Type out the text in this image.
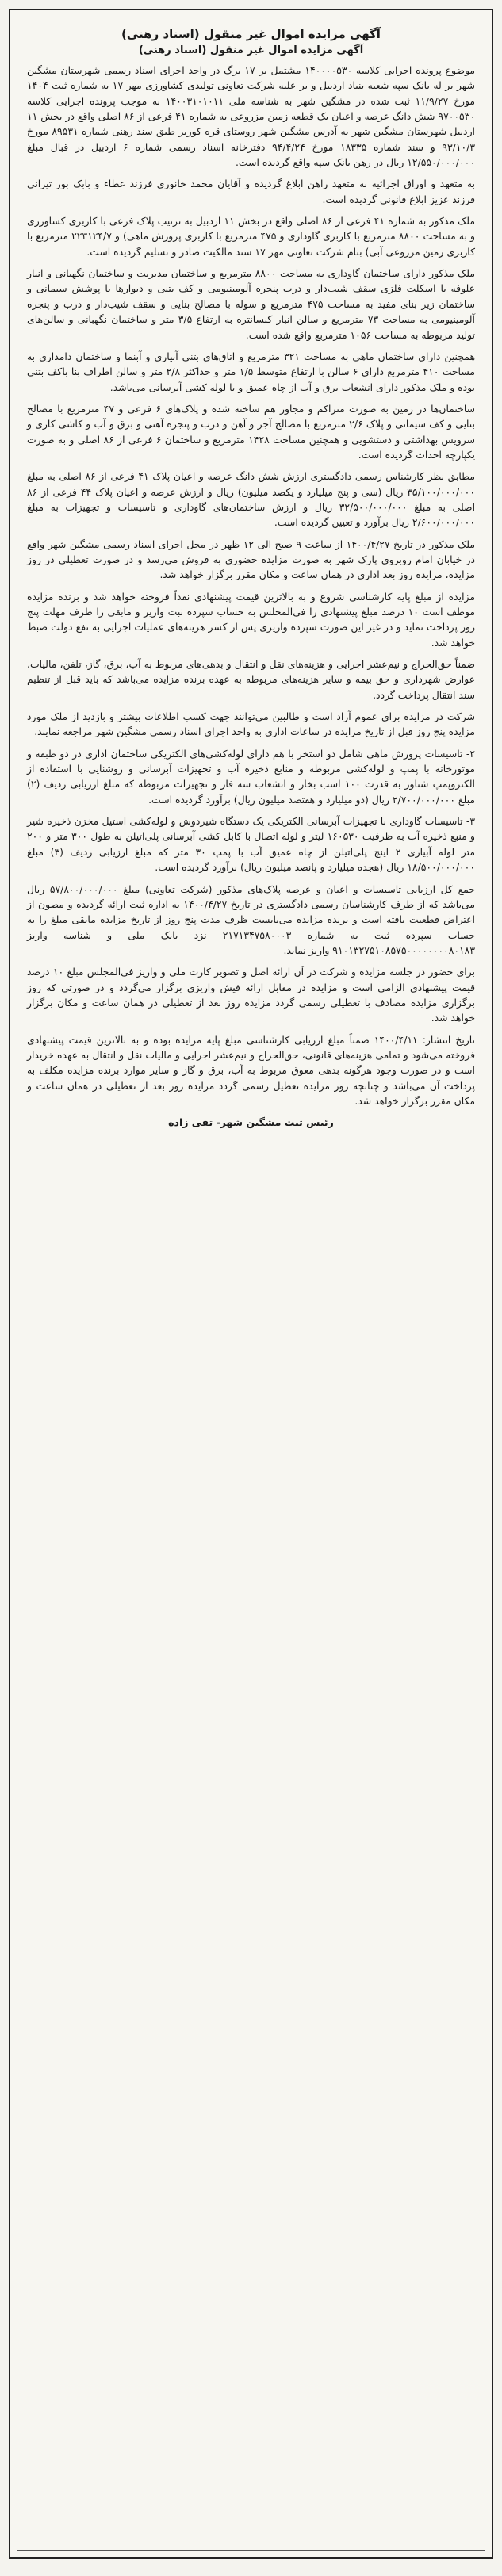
آگهی مزایده اموال غیر منقول (اسناد رهنی)
آگهی مزایده اموال غیر منقول (اسناد رهنی)

موضوع پرونده اجرایی کلاسه ۱۴۰۰۰۰۵۳۰ مشتمل بر ۱۷ برگ در واحد اجرای اسناد رسمی شهرستان مشگین شهر بر له بانک سپه شعبه بنیاد اردبیل و بر علیه شرکت تعاونی تولیدی کشاورزی مهر ۱۷ به شماره ثبت ۱۴۰۴ مورخ ۱۱/۹/۲۷ ثبت شده در مشگین شهر به شناسه ملی ۱۴۰۰۳۱۰۱۰۱۱ به موجب پرونده اجرایی کلاسه ۹۷۰۰۵۳۰ شش دانگ عرصه و اعیان یک قطعه زمین مزروعی به شماره ۴۱ فرعی از ۸۶ اصلی واقع در بخش ۱۱ اردبیل شهرستان مشگین شهر به آدرس مشگین شهر روستای قره کوریز طبق سند رهنی شماره ۸۹۵۳۱ مورخ ۹۳/۱۰/۳ و سند شماره ۱۸۳۳۵ مورخ ۹۴/۴/۲۴ دفترخانه اسناد رسمی شماره ۶ اردبیل در قبال مبلغ ۱۲/۵۵۰/۰۰۰/۰۰۰ ریال در رهن بانک سپه واقع گردیده است.

به متعهد و اوراق اجرائیه به متعهد راهن ابلاغ گردیده و آقایان محمد خانوری فرزند عطاء و بابک بور تیرانی فرزند عزیز ابلاغ قانونی گردیده است.

ملک مذکور به شماره ۴۱ فرعی از ۸۶ اصلی واقع در بخش ۱۱ اردبیل به ترتیب پلاک فرعی با کاربری کشاورزی و به مساحت ۸۸۰۰ مترمربع با کاربری گاوداری و ۴۷۵ مترمربع با کاربری پرورش ماهی) و ۲۲۳۱۲۴/۷ مترمربع با کاربری زمین مزروعی آبی) بنام شرکت تعاونی مهر ۱۷ سند مالکیت صادر و تسلیم گردیده است.

ملک مذکور دارای ساختمان گاوداری به مساحت ۸۸۰۰ مترمربع و ساختمان مدیریت و ساختمان نگهبانی و انبار علوفه با اسکلت فلزی سقف شیب‌دار و درب پنجره آلومینیومی و کف بتنی و دیوارها با پوشش سیمانی و ساختمان زیر بنای مفید به مساحت ۴۷۵ مترمربع و سوله با مصالح بنایی و سقف شیب‌دار و درب و پنجره آلومینیومی به مساحت ۷۳ مترمربع و سالن انبار کنسانتره به ارتفاع ۳/۵ متر و ساختمان نگهبانی و سالن‌های تولید مربوطه به مساحت ۱۰۵۶ مترمربع واقع شده است.

همچنین دارای ساختمان ماهی به مساحت ۳۲۱ مترمربع و اتاق‌های بتنی آبیاری و آبنما و ساختمان دامداری به مساحت ۴۱۰ مترمربع دارای ۶ سالن با ارتفاع متوسط ۱/۵ متر و حداکثر ۲/۸ متر و سالن اطراف بنا باکف بتنی بوده و ملک مذکور دارای انشعاب برق و آب از چاه عمیق و با لوله کشی آبرسانی می‌باشد.

ساختمان‌ها در زمین به صورت متراکم و مجاور هم ساخته شده و پلاک‌های ۶ فرعی و ۴۷ مترمربع با مصالح بنایی و کف سیمانی و پلاک ۲/۶ مترمربع با مصالح آجر و آهن و درب و پنجره آهنی و برق و آب و کاشی کاری و سرویس بهداشتی و دستشویی و همچنین مساحت ۱۴۲۸ مترمربع و ساختمان ۶ فرعی از ۸۶ اصلی و به صورت یکپارچه احداث گردیده است.

مطابق نظر کارشناس رسمی دادگستری ارزش شش دانگ عرصه و اعیان پلاک ۴۱ فرعی از ۸۶ اصلی به مبلغ ۳۵/۱۰۰/۰۰۰/۰۰۰ ریال (سی و پنج میلیارد و یکصد میلیون) ریال و ارزش عرصه و اعیان پلاک ۴۴ فرعی از ۸۶ اصلی به مبلغ ۳۲/۵۰۰/۰۰۰/۰۰۰ ریال و ارزش ساختمان‌های گاوداری و تاسیسات و تجهیزات به مبلغ ۲/۶۰۰/۰۰۰/۰۰۰ ریال برآورد و تعیین گردیده است.

ملک مذکور در تاریخ ۱۴۰۰/۴/۲۷ از ساعت ۹ صبح الی ۱۲ ظهر در محل اجرای اسناد رسمی مشگین شهر واقع در خیابان امام روبروی پارک شهر به صورت مزایده حضوری به فروش می‌رسد و در صورت تعطیلی در روز مزایده، مزایده روز بعد اداری در همان ساعت و مکان مقرر برگزار خواهد شد.

مزایده از مبلغ پایه کارشناسی شروع و به بالاترین قیمت پیشنهادی نقداً فروخته خواهد شد و برنده مزایده موظف است ۱۰ درصد مبلغ پیشنهادی را فی‌المجلس به حساب سپرده ثبت واریز و مابقی را ظرف مهلت پنج روز پرداخت نماید و در غیر این صورت سپرده واریزی پس از کسر هزینه‌های عملیات اجرایی به نفع دولت ضبط خواهد شد.

ضمناً حق‌الحراج و نیم‌عشر اجرایی و هزینه‌های نقل و انتقال و بدهی‌های مربوط به آب، برق، گاز، تلفن، مالیات، عوارض شهرداری و حق بیمه و سایر هزینه‌های مربوطه به عهده برنده مزایده می‌باشد که باید قبل از تنظیم سند انتقال پرداخت گردد.

شرکت در مزایده برای عموم آزاد است و طالبین می‌توانند جهت کسب اطلاعات بیشتر و بازدید از ملک مورد مزایده پنج روز قبل از تاریخ مزایده در ساعات اداری به واحد اجرای اسناد رسمی مشگین شهر مراجعه نمایند.

۲- تاسیسات پرورش ماهی شامل دو استخر با هم دارای لوله‌کشی‌های الکتریکی ساختمان اداری در دو طبقه و موتورخانه با پمپ و لوله‌کشی مربوطه و منابع ذخیره آب و تجهیزات آبرسانی و روشنایی با استفاده از الکتروپمپ شناور به قدرت ۱۰۰ اسب بخار و انشعاب سه فاز و تجهیزات مربوطه که مبلغ ارزیابی ردیف (۲) مبلغ ۲/۷۰۰/۰۰۰/۰۰۰ ریال (دو میلیارد و هفتصد میلیون ریال) برآورد گردیده است.

۳- تاسیسات گاوداری با تجهیزات آبرسانی الکتریکی یک دستگاه شیردوش و لوله‌کشی استیل مخزن ذخیره شیر و منبع ذخیره آب به ظرفیت ۱۶۰۵۳۰ لیتر و لوله اتصال با کابل کشی آبرسانی پلی‌اتیلن به طول ۳۰۰ متر و ۲۰۰ متر لوله آبیاری ۲ اینچ پلی‌اتیلن از چاه عمیق آب با پمپ ۳۰ متر که مبلغ ارزیابی ردیف (۳) مبلغ ۱۸/۵۰۰/۰۰۰/۰۰۰ ریال (هجده میلیارد و پانصد میلیون ریال) برآورد گردیده است.

جمع کل ارزیابی تاسیسات و اعیان و عرصه پلاک‌های مذکور (شرکت تعاونی) مبلغ ۵۷/۸۰۰/۰۰۰/۰۰۰ ریال می‌باشد که از طرف کارشناسان رسمی دادگستری در تاریخ ۱۴۰۰/۴/۲۷ به اداره ثبت ارائه گردیده و مصون از اعتراض قطعیت یافته است و برنده مزایده می‌بایست ظرف مدت پنج روز از تاریخ مزایده مابقی مبلغ را به حساب سپرده ثبت به شماره ۲۱۷۱۳۴۷۵۸۰۰۰۳ نزد بانک ملی و شناسه واریز ۹۱۰۱۳۲۷۵۱۰۸۵۷۵۰۰۰۰۰۰۰۰۸۰۱۸۳ واریز نماید.

برای حضور در جلسه مزایده و شرکت در آن ارائه اصل و تصویر کارت ملی و واریز فی‌المجلس مبلغ ۱۰ درصد قیمت پیشنهادی الزامی است و مزایده در مقابل ارائه فیش واریزی برگزار می‌گردد و در صورتی که روز برگزاری مزایده مصادف با تعطیلی رسمی گردد مزایده روز بعد از تعطیلی در همان ساعت و مکان برگزار خواهد شد.

تاریخ انتشار: ۱۴۰۰/۴/۱۱ ضمناً مبلغ ارزیابی کارشناسی مبلغ پایه مزایده بوده و به بالاترین قیمت پیشنهادی فروخته می‌شود و تمامی هزینه‌های قانونی، حق‌الحراج و نیم‌عشر اجرایی و مالیات نقل و انتقال به عهده خریدار است و در صورت وجود هرگونه بدهی معوق مربوط به آب، برق و گاز و سایر موارد برنده مزایده مکلف به پرداخت آن می‌باشد و چنانچه روز مزایده تعطیل رسمی گردد مزایده روز بعد از تعطیلی در همان ساعت و مکان مقرر برگزار خواهد شد.

رئیس ثبت مشگین شهر- تقی زاده
